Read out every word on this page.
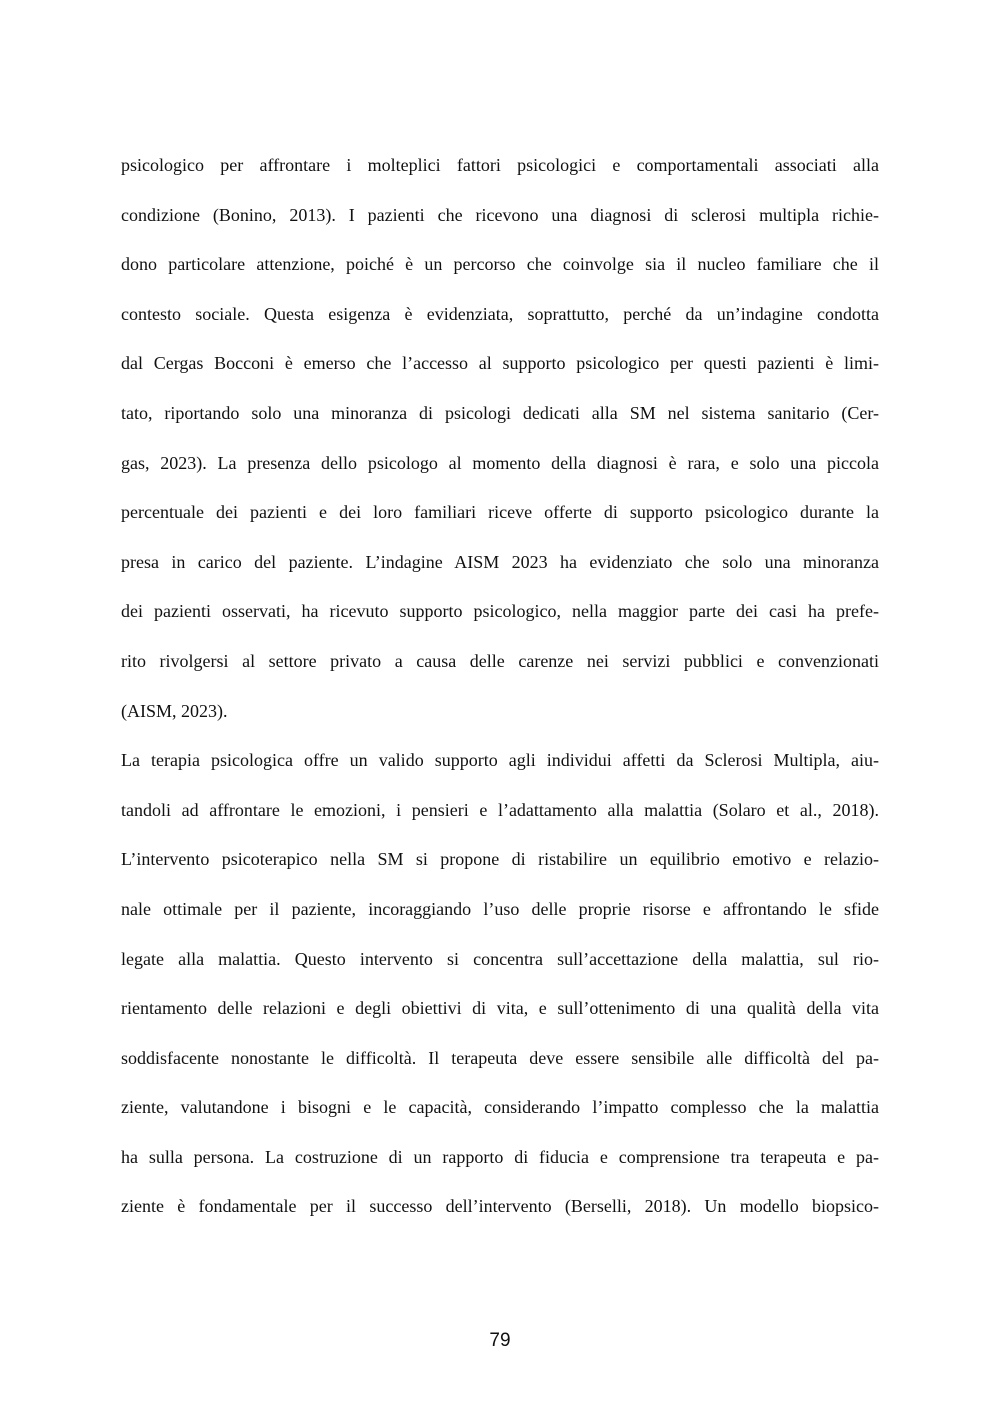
psicologico per affrontare i molteplici fattori psicologici e comportamentali associati alla
condizione (Bonino, 2013). I pazienti che ricevono una diagnosi di sclerosi multipla richie-
dono particolare attenzione, poiché è un percorso che coinvolge sia il nucleo familiare che il
contesto sociale. Questa esigenza è evidenziata, soprattutto, perché da un’indagine condotta
dal Cergas Bocconi è emerso che l’accesso al supporto psicologico per questi pazienti è limi-
tato, riportando solo una minoranza di psicologi dedicati alla SM nel sistema sanitario (Cer-
gas, 2023). La presenza dello psicologo al momento della diagnosi è rara, e solo una piccola
percentuale dei pazienti e dei loro familiari riceve offerte di supporto psicologico durante la
presa in carico del paziente. L’indagine AISM 2023 ha evidenziato che solo una minoranza
dei pazienti osservati, ha ricevuto supporto psicologico, nella maggior parte dei casi ha prefe-
rito rivolgersi al settore privato a causa delle carenze nei servizi pubblici e convenzionati
(AISM, 2023).
La terapia psicologica offre un valido supporto agli individui affetti da Sclerosi Multipla, aiu-
tandoli ad affrontare le emozioni, i pensieri e l’adattamento alla malattia (Solaro et al., 2018).
L’intervento psicoterapico nella SM si propone di ristabilire un equilibrio emotivo e relazio-
nale ottimale per il paziente, incoraggiando l’uso delle proprie risorse e affrontando le sfide
legate alla malattia. Questo intervento si concentra sull’accettazione della malattia, sul rio-
rientamento delle relazioni e degli obiettivi di vita, e sull’ottenimento di una qualità della vita
soddisfacente nonostante le difficoltà. Il terapeuta deve essere sensibile alle difficoltà del pa-
ziente, valutandone i bisogni e le capacità, considerando l’impatto complesso che la malattia
ha sulla persona. La costruzione di un rapporto di fiducia e comprensione tra terapeuta e pa-
ziente è fondamentale per il successo dell’intervento (Berselli, 2018). Un modello biopsico-
79
